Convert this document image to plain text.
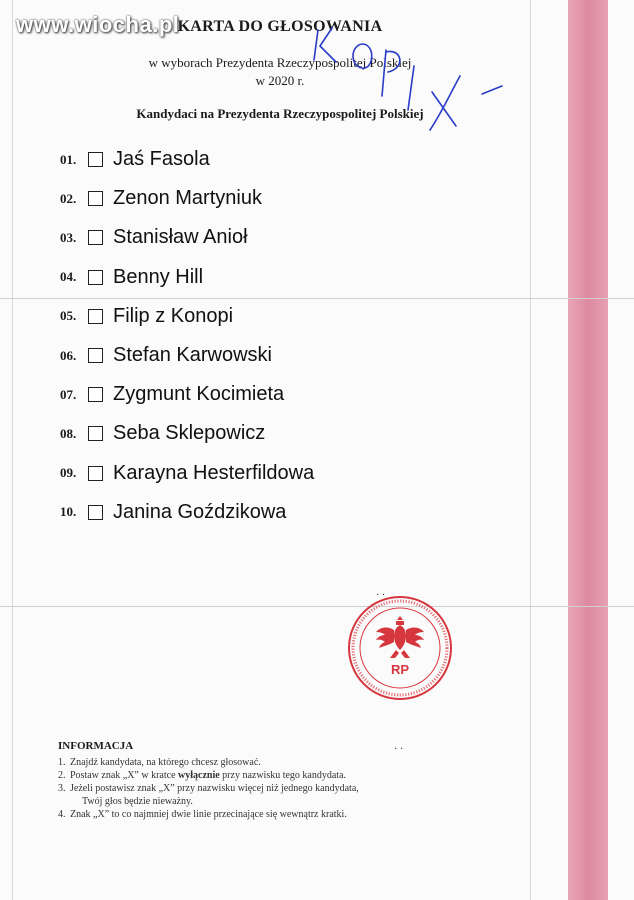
www.wiocha.pl
KARTA DO GŁOSOWANIA
w wyborach Prezydenta Rzeczypospolitej Polskiej
w 2020 r.
Kandydaci na Prezydenta Rzeczypospolitej Polskiej
KOPIA
01.	Jaś Fasola
02.	Zenon Martyniuk
03.	Stanisław Anioł
04.	Benny Hill
05.	Filip z Konopi
06.	Stefan Karwowski
07.	Zygmunt Kocimieta
08.	Seba Sklepowicz
09.	Karayna Hesterfildowa
10.	Janina Goździkowa
· ·
RP
· ·
INFORMACJA
1. Znajdź kandydata, na którego chcesz głosować.
2. Postaw znak „X” w kratce wyłącznie przy nazwisku tego kandydata.
3. Jeżeli postawisz znak „X” przy nazwisku więcej niż jednego kandydata,
Twój głos będzie nieważny.
4. Znak „X” to co najmniej dwie linie przecinające się wewnątrz kratki.
